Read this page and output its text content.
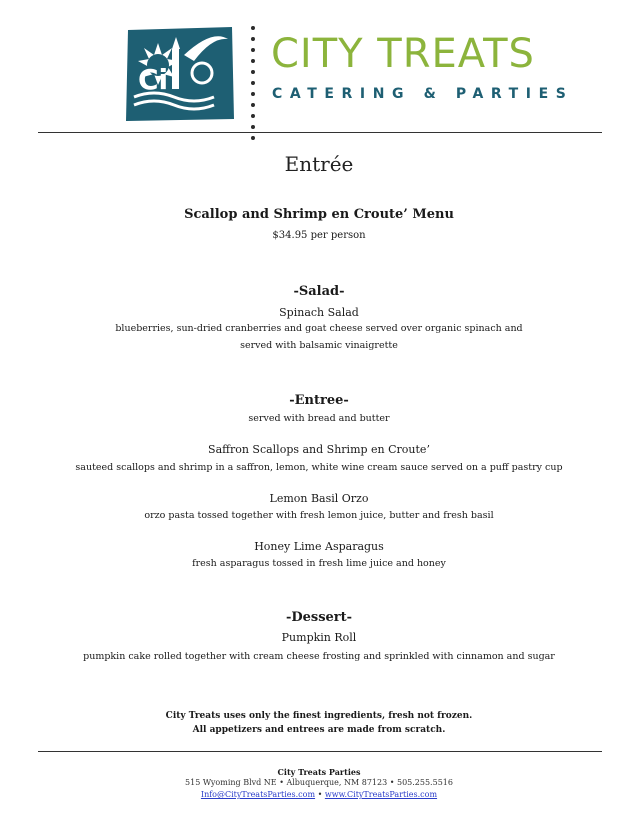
Ci
CITY TREATS
CATERING & PARTIES
Entrée
Scallop and Shrimp en Croute’ Menu
$34.95 per person
-Salad-
Spinach Salad
blueberries, sun-dried cranberries and goat cheese served over organic spinach and
served with balsamic vinaigrette
-Entree-
served with bread and butter
Saffron Scallops and Shrimp en Croute’
sauteed scallops and shrimp in a saffron, lemon, white wine cream sauce served on a puff pastry cup
Lemon Basil Orzo
orzo pasta tossed together with fresh lemon juice, butter and fresh basil
Honey Lime Asparagus
fresh asparagus tossed in fresh lime juice and honey
-Dessert-
Pumpkin Roll
pumpkin cake rolled together with cream cheese frosting and sprinkled with cinnamon and sugar
City Treats uses only the finest ingredients, fresh not frozen.
All appetizers and entrees are made from scratch.
City Treats Parties
515 Wyoming Blvd NE • Albuquerque, NM 87123 • 505.255.5516
Info@CityTreatsParties.com • www.CityTreatsParties.com
